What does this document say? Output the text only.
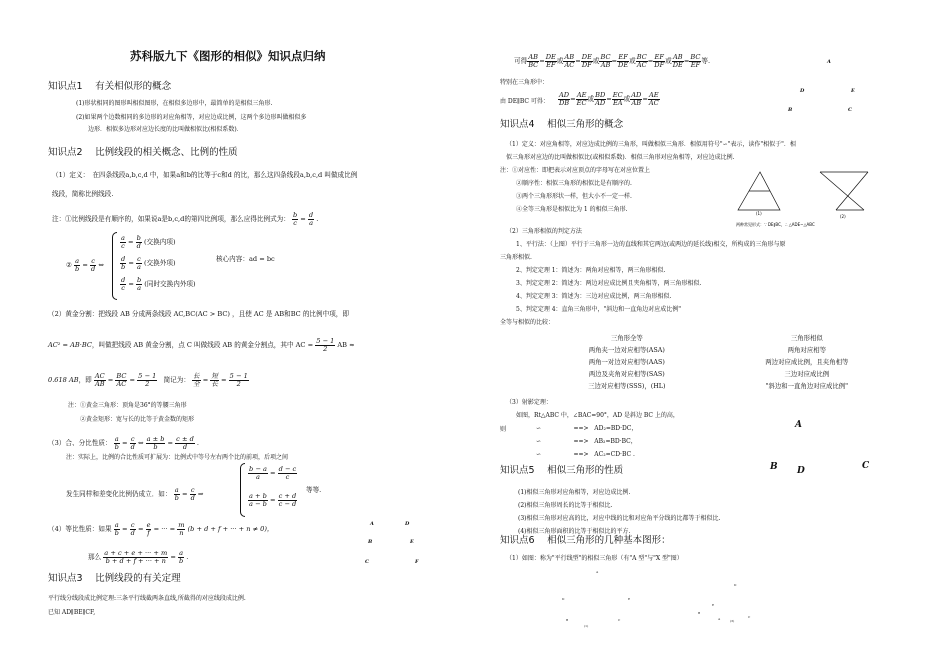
苏科版九下《图形的相似》知识点归纳
知识点1　 有关相似形的概念
(1)形状相同的图形叫相似图形，在相似多边形中，最简单的是相似三角形.
(2)如果两个边数相同的多边形的对应角相等，对应边成比例，这两个多边形叫做相似多
边形．相似多边形对应边长度的比叫做相似比(相似系数)．
知识点2　 比例线段的相关概念、比例的性质
（1）定义：　在四条线段a,b,c,d 中，如果a和b的比等于c和d 的比，那么这四条线段a,b,c,d 叫做成比例
线段，简称比例线段.
注：①比例线段是有顺序的，如果说a是b,c,d的第四比例项，那么应得比例式为： $\frac{b}{c} = \frac{d}{a}$ .
② $\frac{a}{b} = \frac{c}{d}$ ⇔
$\frac{a}{c} = \frac{b}{d}$ (交换内项)
$\frac{d}{b} = \frac{c}{a}$ (交换外项)
$\frac{d}{c} = \frac{b}{a}$ (同时交换内外项)
核心内容：ad = bc
（2）黄金分割：把线段 AB 分成两条线段 AC,BC(AC > BC) ，且使 AC 是 AB和BC 的比例中项，即
AC² = AB·BC，叫做把线段 AB 黄金分割，点 C 叫做线段 AB 的黄金分割点，其中 AC = $\frac{5 - 1}{2}$ AB ≈
0.618 AB，即 $\frac{AC}{AB} = \frac{BC}{AC} = \frac{5 - 1}{2}$ 简记为： $\frac{\text{长}}{\text{全}} = \frac{\text{短}}{\text{长}} = \frac{5 - 1}{2}$
注：①黄金三角形：顶角是36°的等腰三角形
②黄金矩形：宽与长的比等于黄金数的矩形
（3）合、分比性质： $\frac{a}{b} = \frac{c}{d}$ ⇔ $\frac{a \pm b}{b} = \frac{c \pm d}{d}$ .
注：实际上，比例的合比性质可扩展为：比例式中等号左右两个比的前项，后项之间
发生同样和差变化比例仍成立．如： $\frac{a}{b} = \frac{c}{d}$ ⇒
$\frac{b - a}{a} = \frac{d - c}{c}$
$\frac{a + b}{a - b} = \frac{c + d}{c - d}$
等等.
（4）等比性质：如果 $\frac{a}{b} = \frac{c}{d} = \frac{e}{f}$ = ··· = $\frac{m}{n} (b + d + f$ + ··· + n ≠ 0)，
那么 $\frac{a + c + e + \cdot\cdot\cdot + m}{b + d + f + \cdot\cdot\cdot + n} = \frac{a}{b}$ .
A	D
B	E
C	F
知识点3　 比例线段的有关定理
平行线分线段成比例定理:三条平行线截两条直线,所截得的对应线段成比例.
已知 AD∥BE∥CF,
可得 $\frac{AB}{BC} = \frac{DE}{EF}$ 或 $\frac{AB}{AC} = \frac{DE}{DF}$ 或 $\frac{BC}{AB} = \frac{EF}{DE}$ 或 $\frac{BC}{AC} = \frac{EF}{DF}$ 或 $\frac{AB}{DE} = \frac{BC}{EF}$ 等.	A
特别在三角形中：
由 DE∥BC 可得： $\frac{AD}{DB} = \frac{AE}{EC}$ 或 $\frac{BD}{AD} = \frac{EC}{EA}$ 或 $\frac{AD}{AB} = \frac{AE}{AC}$
D	E
B	C
知识点4　 相似三角形的概念
（1）定义：对应角相等，对应边成比例的三角形，叫做相似三角形．相似用符号"∽"表示，读作"相似于"．相
似三角形对应边的比叫做相似比(或相似系数)．相似三角形对应角相等，对应边成比例.
注：①对应性：即把表示对应顶点的字母写在对应位置上
②顺序性：相似三角形的相似比是有顺序的.
③两个三角形形状一样，但大小不一定一样.
④全等三角形是相似比为 1 的相似三角形.
(1)
(2)
两种常见形式：∵ DE∥BC，∴ △ADE∽△ABC
（2）三角形相似的判定方法
1、平行法：（上图）平行于三角形一边的直线和其它两边(或两边的延长线)相交，所构成的三角形与原
三角形相似.
2、判定定理 1：简述为：两角对应相等，两三角形相似.
3、判定定理 2：简述为：两边对应成比例且夹角相等，两三角形相似.
4、判定定理 3：简述为：三边对应成比例，两三角形相似.
5、判定定理 4：直角三角形中，"斜边和一直角边对应成比例"
全等与相似的比较：
三角形全等	三角形相似
两角夹一边对应相等(ASA)	两角对应相等
两角一对边对应相等(AAS)	两边对应成比例，且夹角相等
两边及夹角对应相等(SAS)	三边对应成比例
三边对应相等(SSS)，(HL)	"斜边和一直角边对应成比例"
（3）射影定理：
如图，Rt△ABC 中，∠BAC=90°，AD 是斜边 BC 上的高，
则	∽	==> AD₂=BD·DC，
∽	==> AB₂=BD·BC，
∽	==> AC₂=CD·BC .
A
B D	C
知识点5　 相似三角形的性质
(1)相似三角形对应角相等，对应边成比例.
(2)相似三角形周长的比等于相似比.
(3)相似三角形对应高的比，对应中线的比和对应角平分线的比都等于相似比.
(4)相似三角形面积的比等于相似比的平方.
知识点6　 相似三角形的几种基本图形：
（1）如图：称为"平行线型"的相似三角形（有"A 型"与"X 型"图）
A
D	E
B	C
(1)
D
E
B
A	C
(3)
